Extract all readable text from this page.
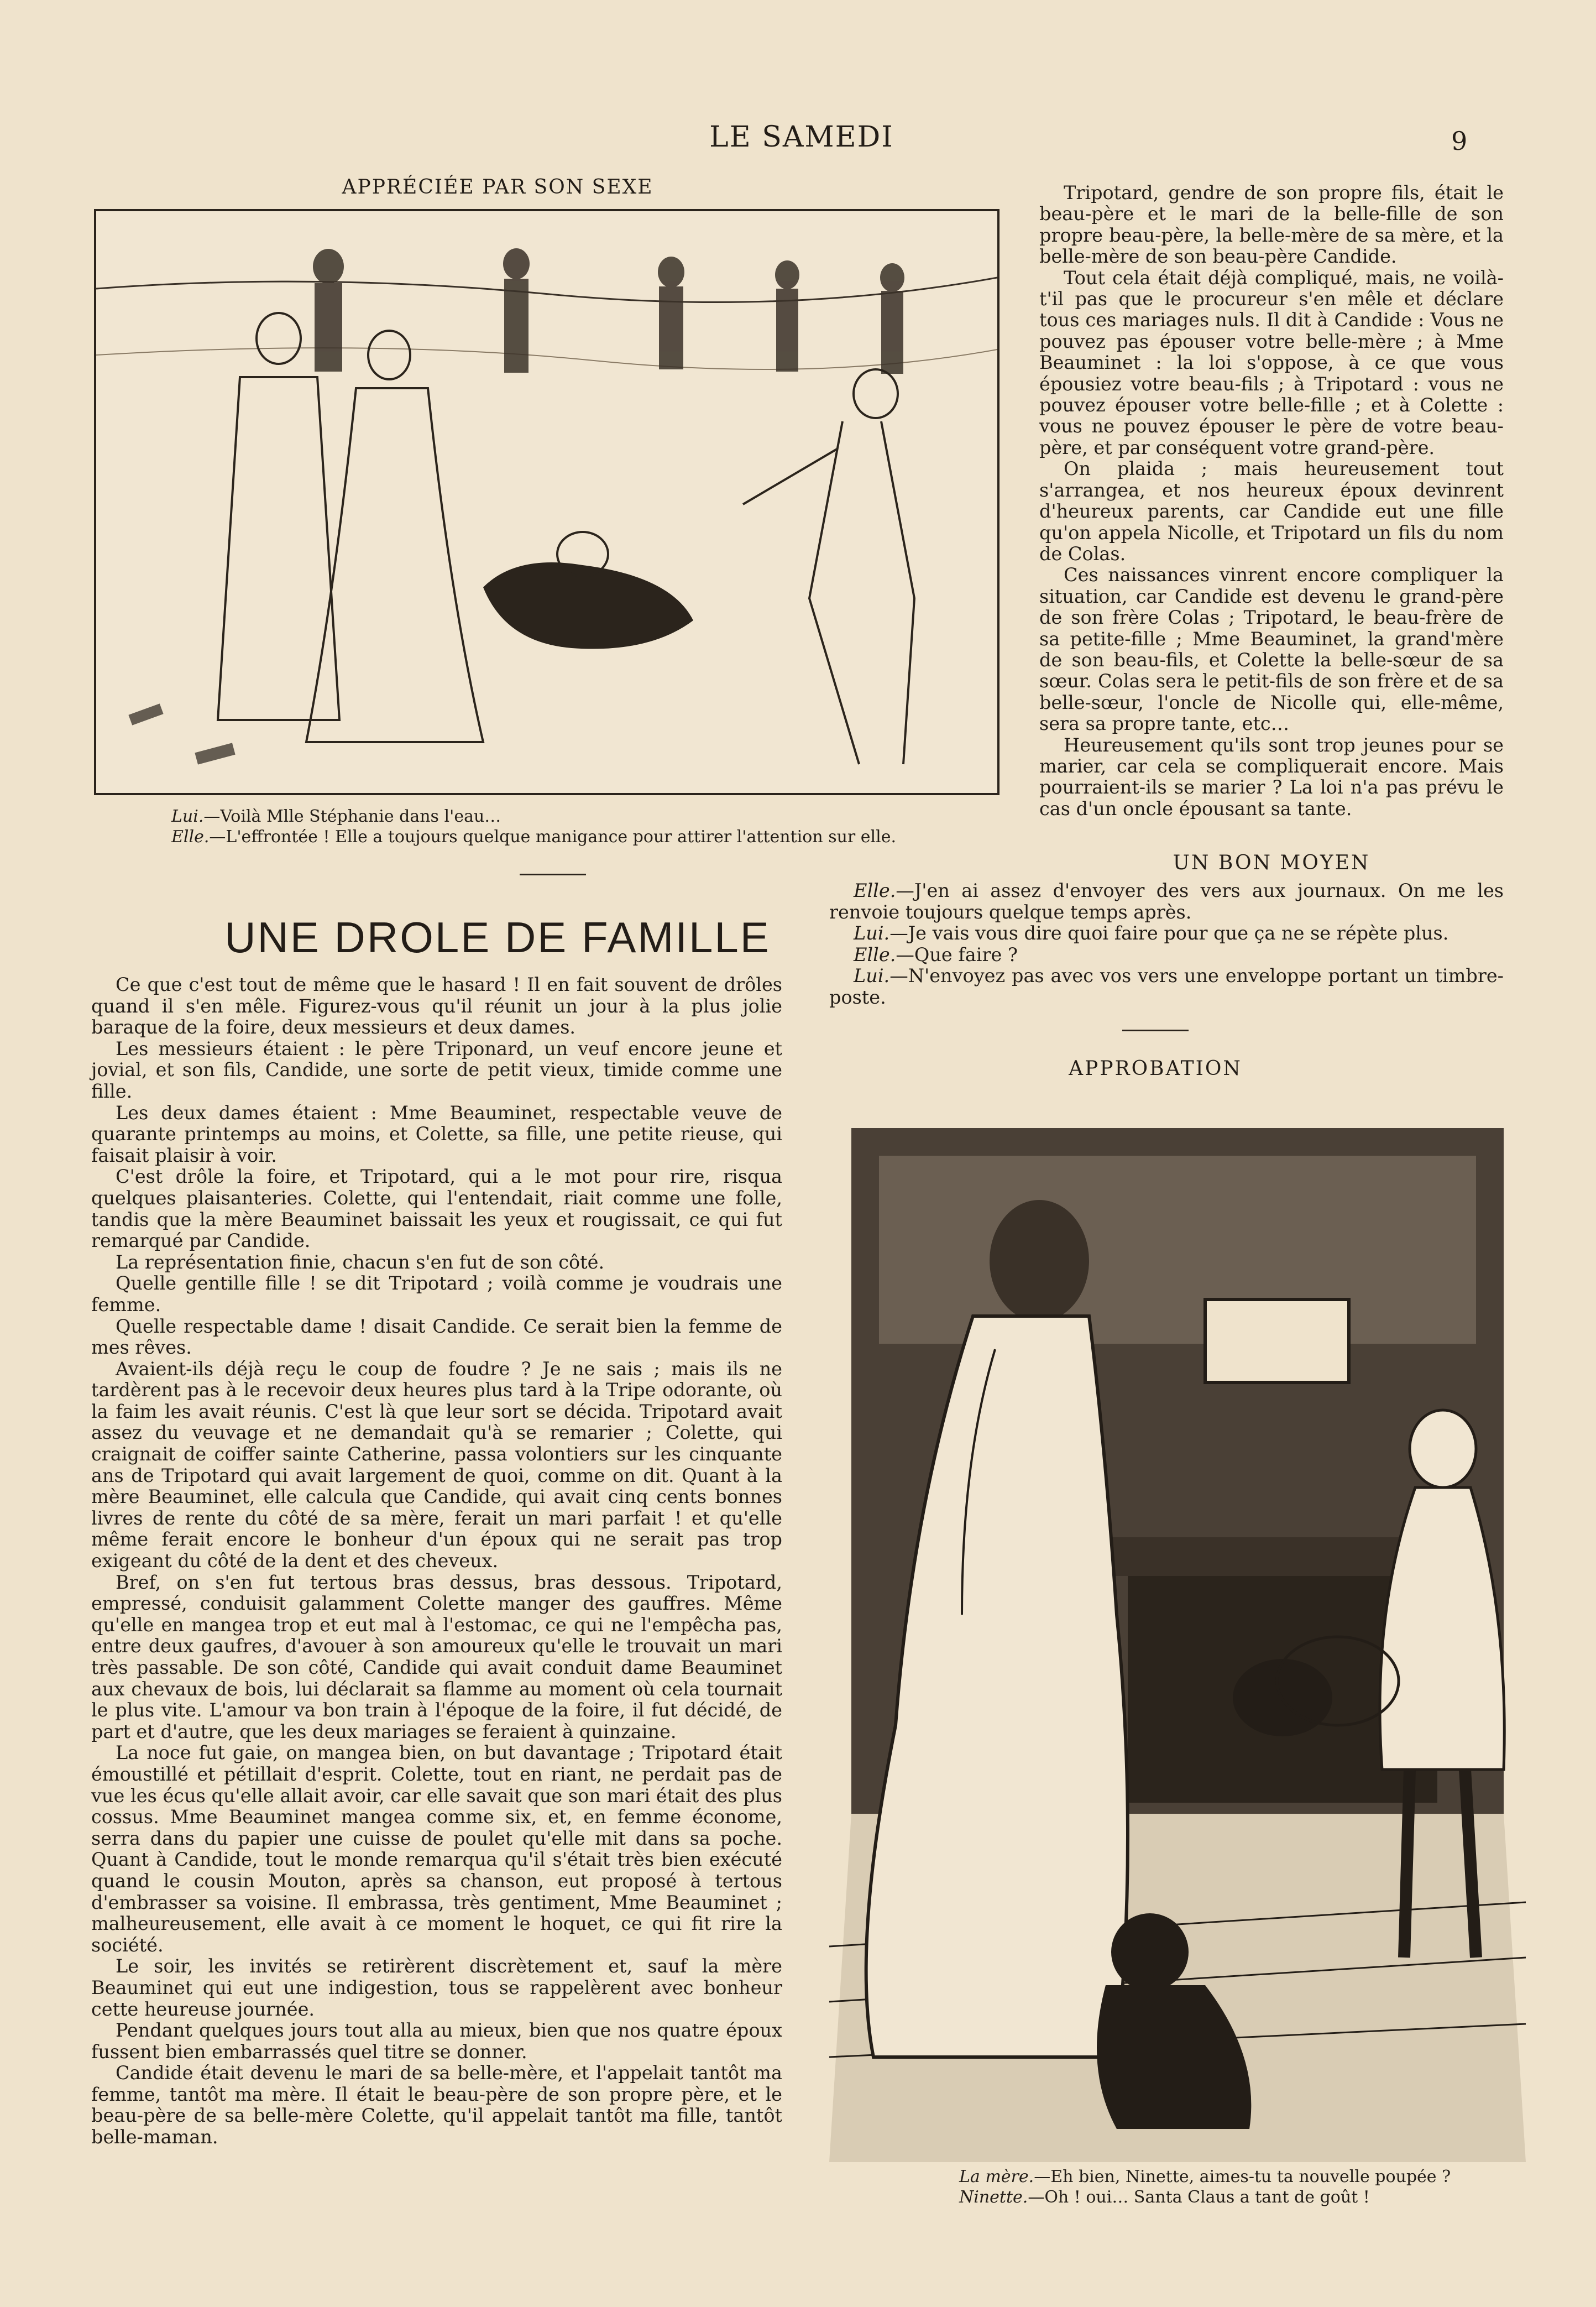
LE SAMEDI	9
APPRÉCIÉE PAR SON SEXE
Lui.—Voilà Mlle Stéphanie dans l'eau…
Elle.—L'effrontée ! Elle a toujours quelque manigance pour attirer l'attention sur elle.
UNE DROLE DE FAMILLE

Ce que c'est tout de même que le hasard ! Il en fait souvent de drôles quand il s'en mêle. Figurez-vous qu'il réunit un jour à la plus jolie baraque de la foire, deux messieurs et deux dames.

Les messieurs étaient : le père Triponard, un veuf encore jeune et jovial, et son fils, Candide, une sorte de petit vieux, timide comme une fille.

Les deux dames étaient : Mme Beauminet, respectable veuve de quarante printemps au moins, et Colette, sa fille, une petite rieuse, qui faisait plaisir à voir.

C'est drôle la foire, et Tripotard, qui a le mot pour rire, risqua quelques plaisanteries. Colette, qui l'entendait, riait comme une folle, tandis que la mère Beauminet baissait les yeux et rougissait, ce qui fut remarqué par Candide.

La représentation finie, chacun s'en fut de son côté.

Quelle gentille fille ! se dit Tripotard ; voilà comme je voudrais une femme.

Quelle respectable dame ! disait Candide. Ce serait bien la femme de mes rêves.

Avaient-ils déjà reçu le coup de foudre ? Je ne sais ; mais ils ne tardèrent pas à le recevoir deux heures plus tard à la Tripe odorante, où la faim les avait réunis. C'est là que leur sort se décida. Tripotard avait assez du veuvage et ne demandait qu'à se remarier ; Colette, qui craignait de coiffer sainte Catherine, passa volontiers sur les cinquante ans de Tripotard qui avait largement de quoi, comme on dit. Quant à la mère Beauminet, elle calcula que Candide, qui avait cinq cents bonnes livres de rente du côté de sa mère, ferait un mari parfait ! et qu'elle même ferait encore le bonheur d'un époux qui ne serait pas trop exigeant du côté de la dent et des cheveux.

Bref, on s'en fut tertous bras dessus, bras dessous. Tripotard, empressé, conduisit galamment Colette manger des gauffres. Même qu'elle en mangea trop et eut mal à l'estomac, ce qui ne l'empêcha pas, entre deux gaufres, d'avouer à son amoureux qu'elle le trouvait un mari très passable. De son côté, Candide qui avait conduit dame Beauminet aux chevaux de bois, lui déclarait sa flamme au moment où cela tournait le plus vite. L'amour va bon train à l'époque de la foire, il fut décidé, de part et d'autre, que les deux mariages se feraient à quinzaine.

La noce fut gaie, on mangea bien, on but davantage ; Tripotard était émoustillé et pétillait d'esprit. Colette, tout en riant, ne perdait pas de vue les écus qu'elle allait avoir, car elle savait que son mari était des plus cossus. Mme Beauminet mangea comme six, et, en femme économe, serra dans du papier une cuisse de poulet qu'elle mit dans sa poche. Quant à Candide, tout le monde remarqua qu'il s'était très bien exécuté quand le cousin Mouton, après sa chanson, eut proposé à tertous d'embrasser sa voisine. Il embrassa, très gentiment, Mme Beauminet ; malheureusement, elle avait à ce moment le hoquet, ce qui fit rire la société.

Le soir, les invités se retirèrent discrètement et, sauf la mère Beauminet qui eut une indigestion, tous se rappelèrent avec bonheur cette heureuse journée.

Pendant quelques jours tout alla au mieux, bien que nos quatre époux fussent bien embarrassés quel titre se donner.

Candide était devenu le mari de sa belle-mère, et l'appelait tantôt ma femme, tantôt ma mère. Il était le beau-père de son propre père, et le beau-père de sa belle-mère Colette, qu'il appelait tantôt ma fille, tantôt belle-maman.

Tripotard, gendre de son propre fils, était le beau-père et le mari de la belle-fille de son propre beau-père, la belle-mère de sa mère, et la belle-mère de son beau-père Candide.

Tout cela était déjà compliqué, mais, ne voilà-t'il pas que le procureur s'en mêle et déclare tous ces mariages nuls. Il dit à Candide : Vous ne pouvez pas épouser votre belle-mère ; à Mme Beauminet : la loi s'oppose, à ce que vous épousiez votre beau-fils ; à Tripotard : vous ne pouvez épouser votre belle-fille ; et à Colette : vous ne pouvez épouser le père de votre beau-père, et par conséquent votre grand-père.

On plaida ; mais heureusement tout s'arrangea, et nos heureux époux devinrent d'heureux parents, car Candide eut une fille qu'on appela Nicolle, et Tripotard un fils du nom de Colas.

Ces naissances vinrent encore compliquer la situation, car Candide est devenu le grand-père de son frère Colas ; Tripotard, le beau-frère de sa petite-fille ; Mme Beauminet, la grand'mère de son beau-fils, et Colette la belle-sœur de sa sœur. Colas sera le petit-fils de son frère et de sa belle-sœur, l'oncle de Nicolle qui, elle-même, sera sa propre tante, etc…

Heureusement qu'ils sont trop jeunes pour se marier, car cela se compliquerait encore. Mais pourraient-ils se marier ? La loi n'a pas prévu le cas d'un oncle épousant sa tante.

UN BON MOYEN

Elle.—J'en ai assez d'envoyer des vers aux journaux. On me les renvoie toujours quelque temps après.

Lui.—Je vais vous dire quoi faire pour que ça ne se répète plus.

Elle.—Que faire ?

Lui.—N'envoyez pas avec vos vers une enveloppe portant un timbre-poste.

APPROBATION
La mère.—Eh bien, Ninette, aimes-tu ta nouvelle poupée ?
Ninette.—Oh ! oui… Santa Claus a tant de goût !
